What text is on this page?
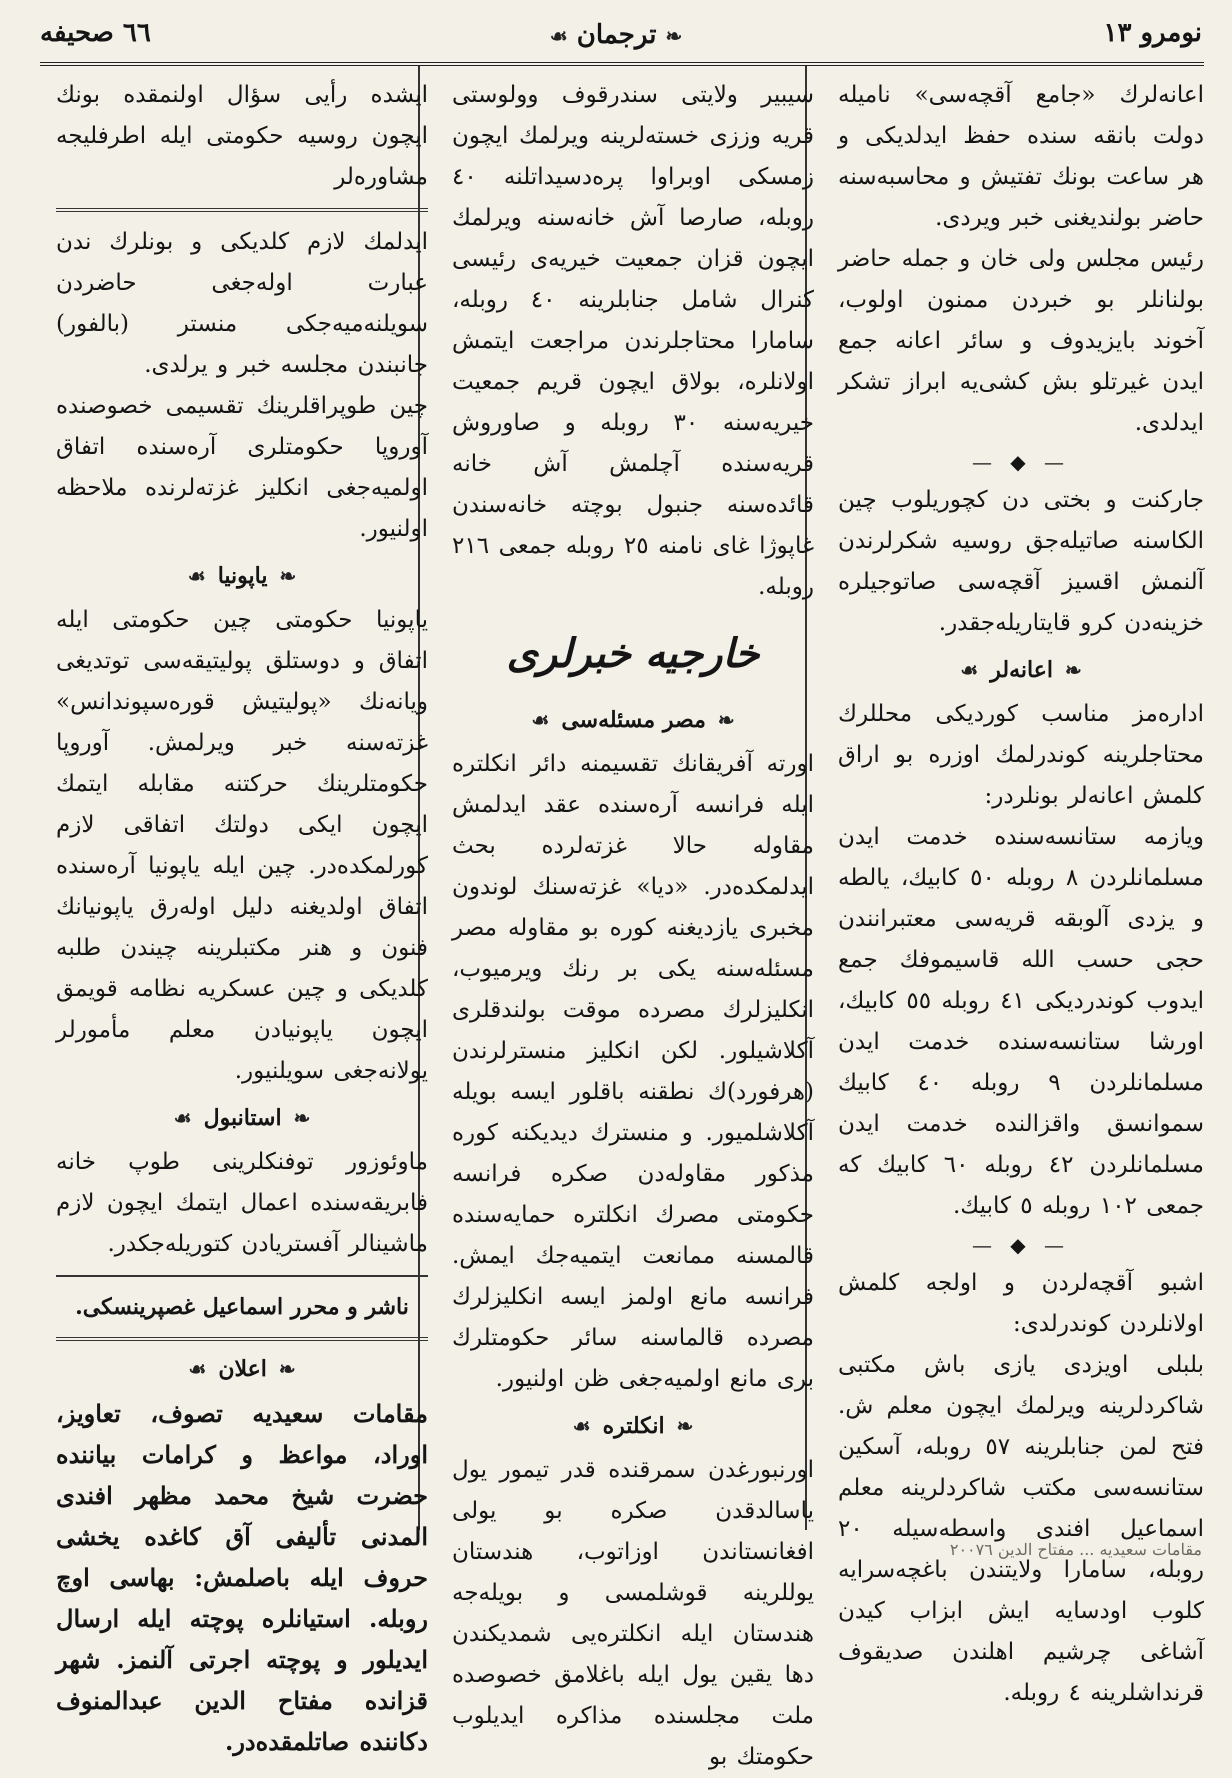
٦٦ صحيفه	❧ ترجمان ☙	نومرو ١٣

اعانه‌لرك «جامع آقچه‌سی» نامیله دولت بانقه سنده حفظ ایدلدیکی و هر ساعت بونك تفتیش و محاسبه‌سنه حاضر بولندیغنی خبر ویردی.

رئیس مجلس ولی خان و جمله حاضر بولنانلر بو خبردن ممنون اولوب، آخوند بایزیدوف و سائر اعانه جمع ایدن غیرتلو بش کشی‌یه ابراز تشکر ایدلدی.

— ◆ —

جارکنت و بختی دن کچوریلوب چین الکاسنه صاتیله‌جق روسیه شکرلرندن آلنمش اقسیز آقچه‌سی صاتوجیلره خزینه‌دن کرو قایتاریله‌جقدر.

❧
اعانه‌لر
☙

اداره‌مز مناسب کوردیکی محللرك محتاجلرینه کوندرلمك اوزره بو اراق کلمش اعانه‌لر بونلردر:

ویازمه ستانسه‌سنده خدمت ایدن مسلمانلردن ٨ روبله ٥٠ کابیك، یالطه و یزدی آلوبقه قریه‌سی معتبرانندن حجی حسب الله قاسیموفك جمع ایدوب کوندردیکی ٤١ روبله ٥٥ کابیك، اورشا ستانسه‌سنده خدمت ایدن مسلمانلردن ٩ روبله ٤٠ کابیك سموانسق واقزالنده خدمت ایدن مسلمانلردن ٤٢ روبله ٦٠ کابیك که جمعی ١٠٢ روبله ٥ کابیك.

— ◆ —

اشبو آقچه‌لردن و اولجه کلمش اولانلردن کوندرلدی:

بلبلی اویزدی یازی باش مکتبی شاکردلرینه ویرلمك ایچون معلم ش. فتح لمن جنابلرینه ٥٧ روبله، آسکین ستانسه‌سی مکتب شاکردلرینه معلم اسماعیل افندی واسطه‌سیله ٢٠ روبله، سامارا ولایتندن باغچه‌سرایه کلوب اودسایه ایش ابزاب کیدن آشاغی چرشیم اهلندن صدیقوف قرنداشلرینه ٤ روبله.

سیبیر ولایتی سندرقوف وولوستی قریه وززی خسته‌لرینه ویرلمك ایچون زمسکی اوبراوا پره‌دسیداتلنه ٤٠ روبله، صارصا آش خانه‌سنه ویرلمك ایچون قزان جمعیت خیریه‌ی رئیسی کنرال شامل جنابلرینه ٤٠ روبله، سامارا محتاجلرندن مراجعت ایتمش اولانلره، بولاق ایچون قریم جمعیت خیریه‌سنه ٣٠ روبله و صاوروش قریه‌سنده آچلمش آش خانه قائده‌سنه جنبول بوچته خانه‌سندن غاپوژا غا‌ی نامنه ٢٥ روبله جمعی ٢١٦ روبله.

خارجیه خبرلری
❧
مصر مسئله‌سی
☙

اورته آفریقانك تقسیمنه دائر انکلتره ایله فرانسه آره‌سنده عقد ایدلمش مقاوله حالا غزته‌لرده بحث ایدلمکده‌در. «دیا» غزته‌سنك لوندون مخبری یازدیغنه کوره بو مقاوله مصر مسئله‌سنه یکی بر رنك ویرمیوب، انکلیزلرك مصرده موقت بولندقلری آکلاشیلور. لکن انکلیز منسترلرندن (هرفورد)ك نطقنه باقلور ایسه بویله آکلاشلمیور. و منسترك دیدیکنه کوره مذکور مقاوله‌دن صکره فرانسه حکومتی مصرك انکلتره حمایه‌سنده قالمسنه ممانعت ایتمیه‌جك ایمش. فرانسه مانع اولمز ایسه انکلیزلرك مصرده قالماسنه سائر حکومتلرك بری مانع اولمیه‌جغی ظن اولنیور.

❧
انکلتره
☙

اورنبورغدن سمرقنده قدر تیمور یول یاسالدقدن صکره بو یولی افغانستاندن اوزاتوب، هندستان یوللرینه قوشلمسی و بویله‌جه هندستان ایله انکلتره‌یی شمدیکندن دها یقین یول ایله باغلامق خصوصده ملت مجلسنده مذاکره ایدیلوب حکومتك بو

ایشده رأیی سؤال اولنمقده بونك ایچون روسیه حکومتی ایله اطرفلیجه مشاوره‌لر

ایدلمك لازم کلدیکی و بونلرك ندن عبارت اوله‌جغی حاضردن سویلنه‌میه‌جکی منستر (بالفور) جانبندن مجلسه خبر و یرلدی.

چین طوپراقلرینك تقسیمی خصوصنده آوروپا حکومتلری آره‌سنده اتفاق اولمیه‌جغی انکلیز غزته‌لرنده ملاحظه اولنیور.

❧
یاپونیا
☙

یاپونیا حکومتی چین حکومتی ایله اتفاق و دوستلق پولیتیقه‌سی توتدیغی ویانه‌نك «پولیتیش قوره‌سپوندانس» غزته‌سنه خبر ویرلمش. آوروپا حکومتلرینك حرکتنه مقابله ایتمك ایچون ایکی دولتك اتفاقی لازم کورلمکده‌در. چین ایله یاپونیا آره‌سنده اتفاق اولدیغنه دلیل اوله‌رق یاپونیانك فنون و هنر مکتبلرینه چیندن طلبه کلدیکی و چین عسکریه نظامه قویمق ایچون یاپونیادن معلم مأمورلر یولانه‌جغی سویلنیور.

❧
استانبول
☙

ماوئوزور توفنکلرینی طوپ خانه فابریقه‌سنده اعمال ایتمك ایچون لازم ماشینالر آفستریادن کتوریله‌جکدر.

ناشر و محرر اسماعیل غصپرینسکی.
❧
اعلان
☙

مقامات سعیدیه تصوف، تعاویز، اوراد، مواعظ و کرامات بیاننده حضرت شیخ محمد مظهر افندی المدنی تألیفی آق کاغده یخشی حروف ایله باصلمش: بهاسی اوچ روبله. استیانلره پوچته ایله ارسال ایدیلور و پوچته اجرتی آلنمز. شهر قزانده مفتاح الدین عبدالمنوف دکاننده صاتلمقده‌در.

مقامات سعیدیه ... مفتاح الدین ٢٠٠٧٦
